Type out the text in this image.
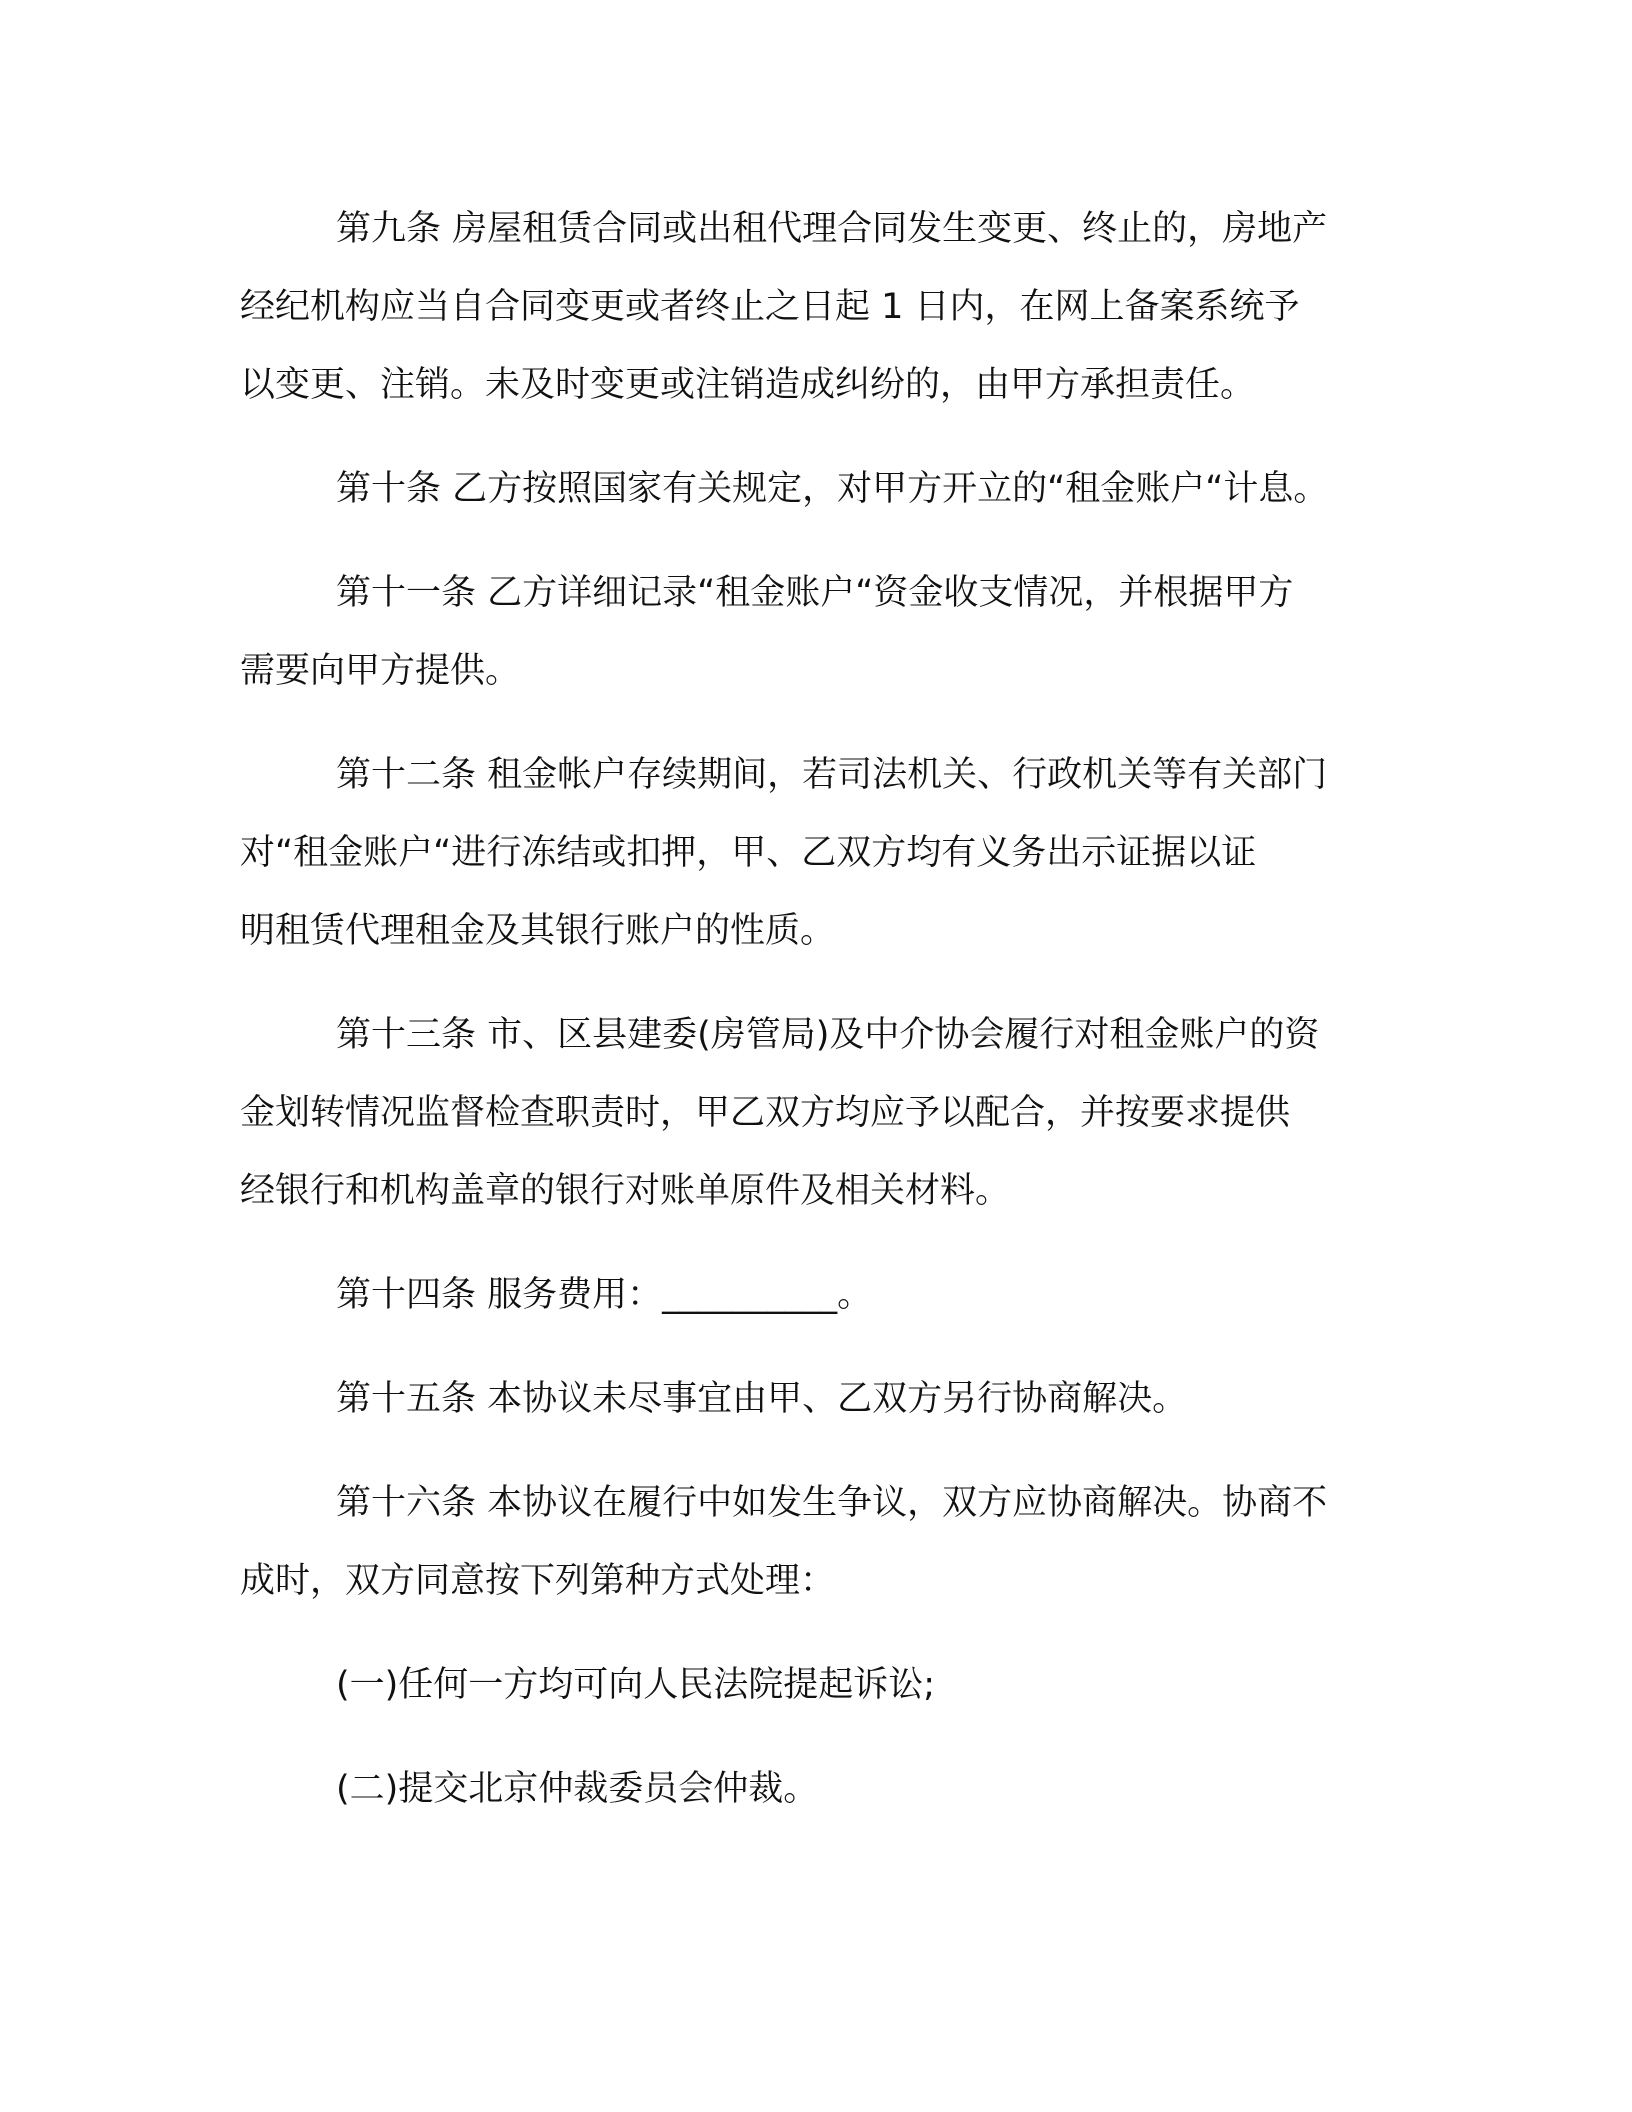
第九条 房屋租赁合同或出租代理合同发生变更、终止的，房地产
经纪机构应当自合同变更或者终止之日起 1 日内，在网上备案系统予
以变更、注销。未及时变更或注销造成纠纷的，由甲方承担责任。
第十条 乙方按照国家有关规定，对甲方开立的“租金账户“计息。
第十一条 乙方详细记录“租金账户“资金收支情况，并根据甲方
需要向甲方提供。
第十二条 租金帐户存续期间，若司法机关、行政机关等有关部门
对“租金账户“进行冻结或扣押，甲、乙双方均有义务出示证据以证
明租赁代理租金及其银行账户的性质。
第十三条 市、区县建委(房管局)及中介协会履行对租金账户的资
金划转情况监督检查职责时，甲乙双方均应予以配合，并按要求提供
经银行和机构盖章的银行对账单原件及相关材料。
第十四条 服务费用：__________。
第十五条 本协议未尽事宜由甲、乙双方另行协商解决。
第十六条 本协议在履行中如发生争议，双方应协商解决。协商不
成时，双方同意按下列第种方式处理：
(一)任何一方均可向人民法院提起诉讼;
(二)提交北京仲裁委员会仲裁。
